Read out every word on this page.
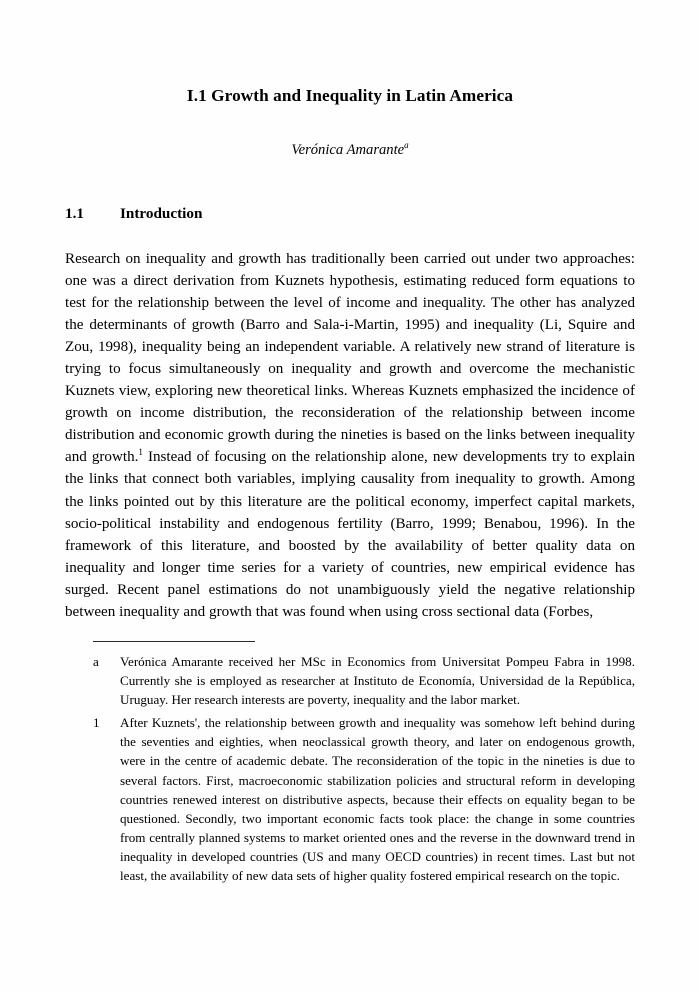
I.1 Growth and Inequality in Latin America
Verónica Amarante$^a$
1.1 Introduction

Research on inequality and growth has traditionally been carried out under two approaches: one was a direct derivation from Kuznets hypothesis, estimating reduced form equations to test for the relationship between the level of income and inequality. The other has analyzed the determinants of growth (Barro and Sala-i-Martin, 1995) and inequality (Li, Squire and Zou, 1998), inequality being an independent variable. A relatively new strand of literature is trying to focus simultaneously on inequality and growth and overcome the mechanistic Kuznets view, exploring new theoretical links. Whereas Kuznets emphasized the incidence of growth on income distribution, the reconsideration of the relationship between income distribution and economic growth during the nineties is based on the links between inequality and growth.$^1$ Instead of focusing on the relationship alone, new developments try to explain the links that connect both variables, implying causality from inequality to growth. Among the links pointed out by this literature are the political economy, imperfect capital markets, socio-political instability and endogenous fertility (Barro, 1999; Benabou, 1996). In the framework of this literature, and boosted by the availability of better quality data on inequality and longer time series for a variety of countries, new empirical evidence has surged. Recent panel estimations do not unambiguously yield the negative relationship between inequality and growth that was found when using cross sectional data (Forbes,

a	Verónica Amarante received her MSc in Economics from Universitat Pompeu Fabra in 1998. Currently she is employed as researcher at Instituto de Economía, Universidad de la República, Uruguay. Her research interests are poverty, inequality and the labor market.

1	After Kuznets', the relationship between growth and inequality was somehow left behind during the seventies and eighties, when neoclassical growth theory, and later on endogenous growth, were in the centre of academic debate. The reconsideration of the topic in the nineties is due to several factors. First, macroeconomic stabilization policies and structural reform in developing countries renewed interest on distributive aspects, because their effects on equality began to be questioned. Secondly, two important economic facts took place: the change in some countries from centrally planned systems to market oriented ones and the reverse in the downward trend in inequality in developed countries (US and many OECD countries) in recent times. Last but not least, the availability of new data sets of higher quality fostered empirical research on the topic.
